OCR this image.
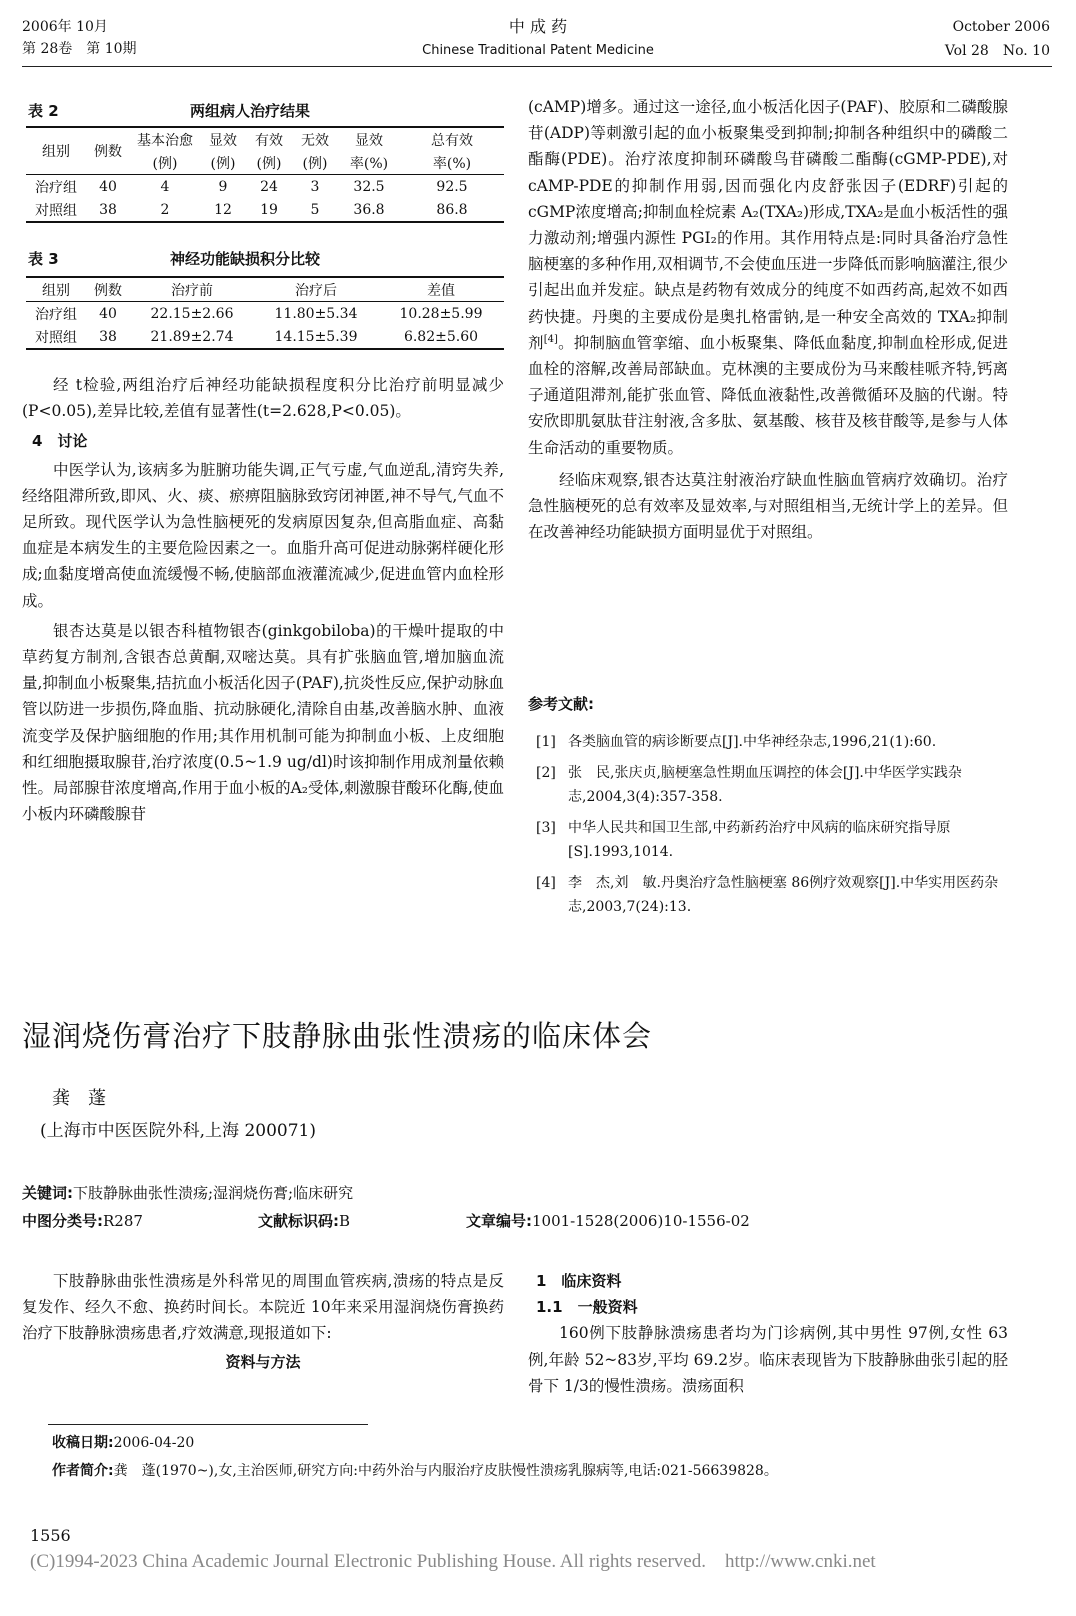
2006年 10月
第 28卷　第 10期
中 成 药
Chinese Traditional Patent Medicine
October 2006
Vol 28　No. 10
表 2	两组病人治疗结果
组别	例数	基本治愈	显效	有效	无效	显效	总有效
		(例)	(例)	(例)	(例)	率(%)	率(%)
治疗组	40	4	9	24	3	32.5	92.5
对照组	38	2	12	19	5	36.8	86.8
表 3	神经功能缺损积分比较
组别	例数	治疗前	治疗后	差值
治疗组	40	22.15±2.66	11.80±5.34	10.28±5.99
对照组	38	21.89±2.74	14.15±5.39	6.82±5.60

经 t检验,两组治疗后神经功能缺损程度积分比治疗前明显减少(P<0.05),差异比较,差值有显著性(t=2.628,P<0.05)。

4　讨论

中医学认为,该病多为脏腑功能失调,正气亏虚,气血逆乱,清窍失养,经络阻滞所致,即风、火、痰、瘀痹阻脑脉致窍闭神匿,神不导气,气血不足所致。现代医学认为急性脑梗死的发病原因复杂,但高脂血症、高黏血症是本病发生的主要危险因素之一。血脂升高可促进动脉粥样硬化形成;血黏度增高使血流缓慢不畅,使脑部血液灌流减少,促进血管内血栓形成。

银杏达莫是以银杏科植物银杏(ginkgobiloba)的干燥叶提取的中草药复方制剂,含银杏总黄酮,双嘧达莫。具有扩张脑血管,增加脑血流量,抑制血小板聚集,拮抗血小板活化因子(PAF),抗炎性反应,保护动脉血管以防进一步损伤,降血脂、抗动脉硬化,清除自由基,改善脑水肿、血液流变学及保护脑细胞的作用;其作用机制可能为抑制血小板、上皮细胞和红细胞摄取腺苷,治疗浓度(0.5~1.9 ug/dl)时该抑制作用成剂量依赖性。局部腺苷浓度增高,作用于血小板的A₂受体,刺激腺苷酸环化酶,使血小板内环磷酸腺苷

(cAMP)增多。通过这一途径,血小板活化因子(PAF)、胶原和二磷酸腺苷(ADP)等刺激引起的血小板聚集受到抑制;抑制各种组织中的磷酸二酯酶(PDE)。治疗浓度抑制环磷酸鸟苷磷酸二酯酶(cGMP-PDE),对 cAMP-PDE的抑制作用弱,因而强化内皮舒张因子(EDRF)引起的 cGMP浓度增高;抑制血栓烷素 A₂(TXA₂)形成,TXA₂是血小板活性的强力激动剂;增强内源性 PGI₂的作用。其作用特点是:同时具备治疗急性脑梗塞的多种作用,双相调节,不会使血压进一步降低而影响脑灌注,很少引起出血并发症。缺点是药物有效成分的纯度不如西药高,起效不如西药快捷。丹奥的主要成份是奥扎格雷钠,是一种安全高效的 TXA₂抑制剂[4]。抑制脑血管挛缩、血小板聚集、降低血黏度,抑制血栓形成,促进血栓的溶解,改善局部缺血。克林澳的主要成份为马来酸桂哌齐特,钙离子通道阻滞剂,能扩张血管、降低血液黏性,改善微循环及脑的代谢。特安欣即肌氨肽苷注射液,含多肽、氨基酸、核苷及核苷酸等,是参与人体生命活动的重要物质。

经临床观察,银杏达莫注射液治疗缺血性脑血管病疗效确切。治疗急性脑梗死的总有效率及显效率,与对照组相当,无统计学上的差异。但在改善神经功能缺损方面明显优于对照组。

参考文献:
[1] 各类脑血管的病诊断要点[J].中华神经杂志,1996,21(1):60.
[2] 张　民,张庆贞,脑梗塞急性期血压调控的体会[J].中华医学实践杂志,2004,3(4):357-358.
[3] 中华人民共和国卫生部,中药新药治疗中风病的临床研究指导原[S].1993,1014.
[4] 李　杰,刘　敏.丹奥治疗急性脑梗塞 86例疗效观察[J].中华实用医药杂志,2003,7(24):13.
湿润烧伤膏治疗下肢静脉曲张性溃疡的临床体会
龚　蓬
(上海市中医医院外科,上海 200071)
关键词:下肢静脉曲张性溃疡;湿润烧伤膏;临床研究
中图分类号:R287	文献标识码:B	文章编号:1001-1528(2006)10-1556-02

下肢静脉曲张性溃疡是外科常见的周围血管疾病,溃疡的特点是反复发作、经久不愈、换药时间长。本院近 10年来采用湿润烧伤膏换药治疗下肢静脉溃疡患者,疗效满意,现报道如下:

资料与方法

1　临床资料

1.1　一般资料

160例下肢静脉溃疡患者均为门诊病例,其中男性 97例,女性 63例,年龄 52~83岁,平均 69.2岁。临床表现皆为下肢静脉曲张引起的胫骨下 1/3的慢性溃疡。溃疡面积

收稿日期:2006-04-20
作者简介:龚　蓬(1970~),女,主治医师,研究方向:中药外治与内服治疗皮肤慢性溃疡乳腺病等,电话:021-56639828。
1556
(C)1994-2023 China Academic Journal Electronic Publishing House. All rights reserved.　http://www.cnki.net
